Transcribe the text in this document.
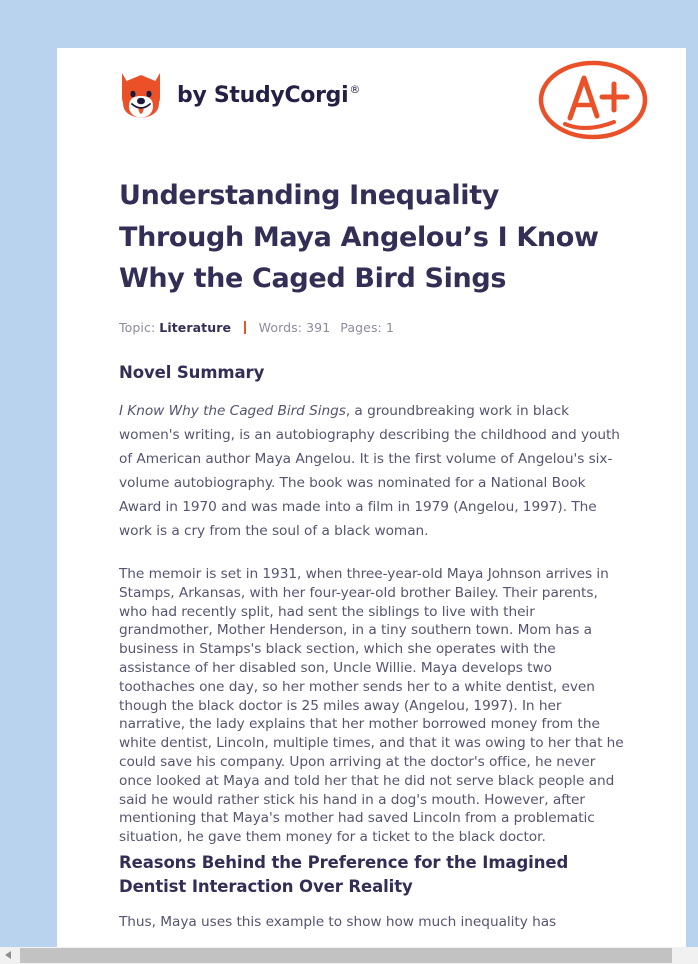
by StudyCorgi®
Understanding Inequality Through Maya Angelou’s I Know Why the Caged Bird Sings
Topic: Literature Words: 391 Pages: 1
Novel Summary

I Know Why the Caged Bird Sings, a groundbreaking work in black women's writing, is an autobiography describing the childhood and youth of American author Maya Angelou. It is the first volume of Angelou's six-volume autobiography. The book was nominated for a National Book Award in 1970 and was made into a film in 1979 (Angelou, 1997). The work is a cry from the soul of a black woman.

The memoir is set in 1931, when three-year-old Maya Johnson arrives in Stamps, Arkansas, with her four-year-old brother Bailey. Their parents, who had recently split, had sent the siblings to live with their grandmother, Mother Henderson, in a tiny southern town. Mom has a business in Stamps's black section, which she operates with the assistance of her disabled son, Uncle Willie. Maya develops two toothaches one day, so her mother sends her to a white dentist, even though the black doctor is 25 miles away (Angelou, 1997). In her narrative, the lady explains that her mother borrowed money from the white dentist, Lincoln, multiple times, and that it was owing to her that he could save his company. Upon arriving at the doctor's office, he never once looked at Maya and told her that he did not serve black people and said he would rather stick his hand in a dog's mouth. However, after mentioning that Maya's mother had saved Lincoln from a problematic situation, he gave them money for a ticket to the black doctor.

Reasons Behind the Preference for the Imagined Dentist Interaction Over Reality

Thus, Maya uses this example to show how much inequality has
